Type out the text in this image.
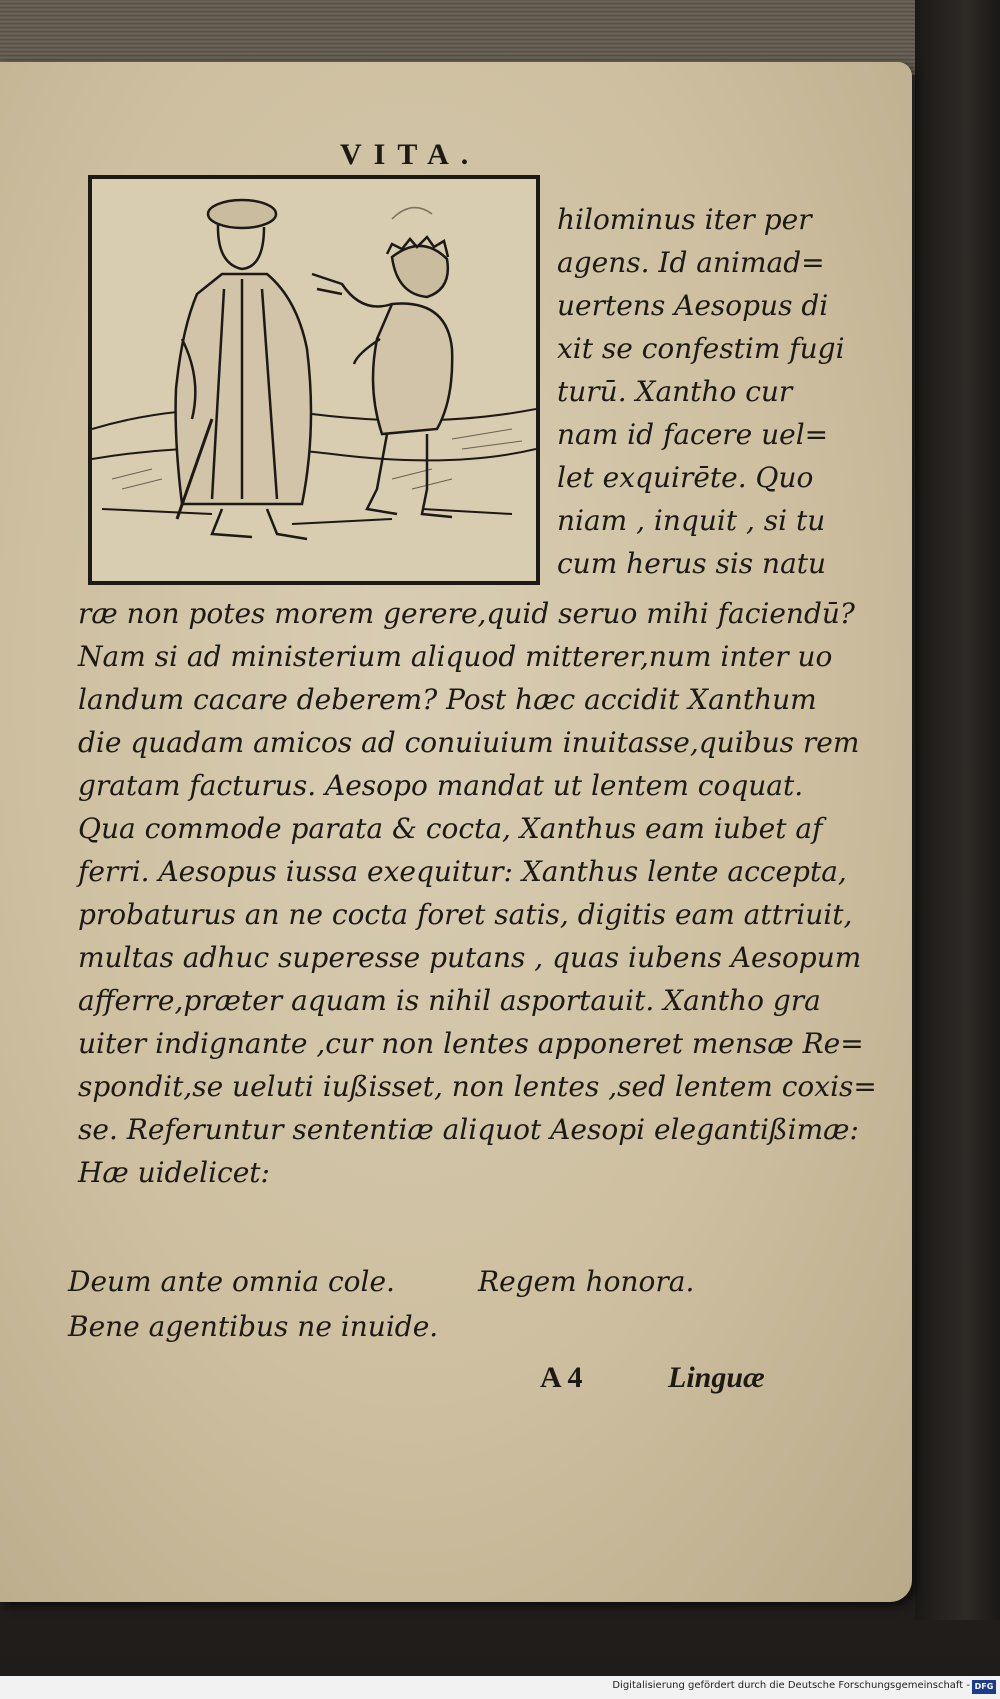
VITA.
hilominus iter per
agens. Id animad=
uertens Aesopus di
xit se confestim fugi
turū. Xantho cur
nam id facere uel=
let exquirēte. Quo
niam , inquit , si tu
cum herus sis natu
ræ non potes morem gerere,quid seruo mihi faciendū?
Nam si ad ministerium aliquod mitterer,num inter uo
landum cacare deberem? Post hæc accidit Xanthum
die quadam amicos ad conuiuium inuitasse,quibus rem
gratam facturus. Aesopo mandat ut lentem coquat.
Qua commode parata & cocta, Xanthus eam iubet af
ferri. Aesopus iussa exequitur: Xanthus lente accepta,
probaturus an ne cocta foret satis, digitis eam attriuit,
multas adhuc superesse putans , quas iubens Aesopum
afferre,præter aquam is nihil asportauit. Xantho gra
uiter indignante ,cur non lentes apponeret mensæ Re=
spondit,se ueluti iußisset, non lentes ,sed lentem coxis=
se. Referuntur sententiæ aliquot Aesopi elegantißimæ:
Hæ uidelicet:
Deum ante omnia cole.	Regem honora.
Bene agentibus ne inuide.
A 4	Linguæ
Digitalisierung gefördert durch die Deutsche Forschungsgemeinschaft - DFG
